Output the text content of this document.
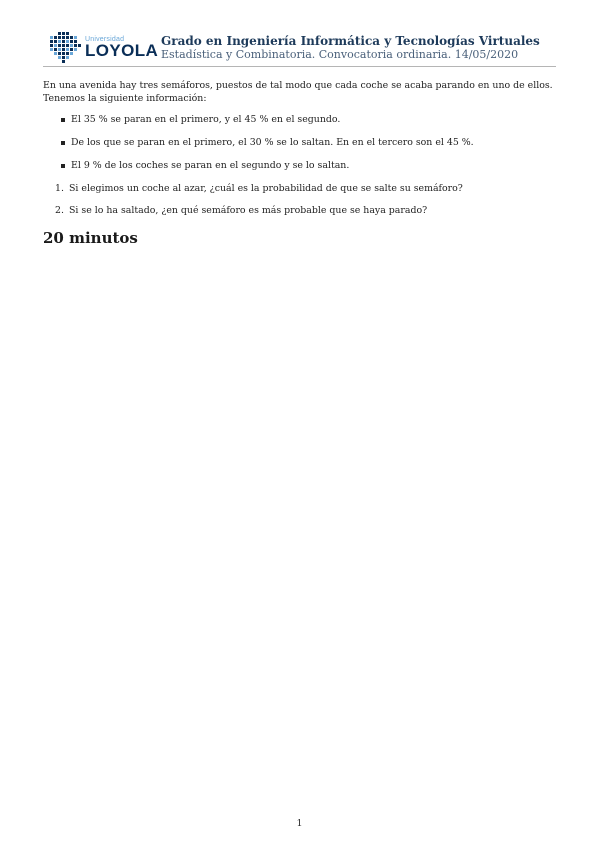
Universidad
LOYOLA Grado en Ingeniería Informática y Tecnologías Virtuales
Estadística y Combinatoria. Convocatoria ordinaria. 14/05/2020

En una avenida hay tres semáforos, puestos de tal modo que cada coche se acaba parando en uno de ellos. Tenemos la siguiente información:

El 35 % se paran en el primero, y el 45 % en el segundo.
De los que se paran en el primero, el 30 % se lo saltan. En en el tercero son el 45 %.
El 9 % de los coches se paran en el segundo y se lo saltan.
1. Si elegimos un coche al azar, ¿cuál es la probabilidad de que se salte su semáforo?
2. Si se lo ha saltado, ¿en qué semáforo es más probable que se haya parado?
20 minutos
1
